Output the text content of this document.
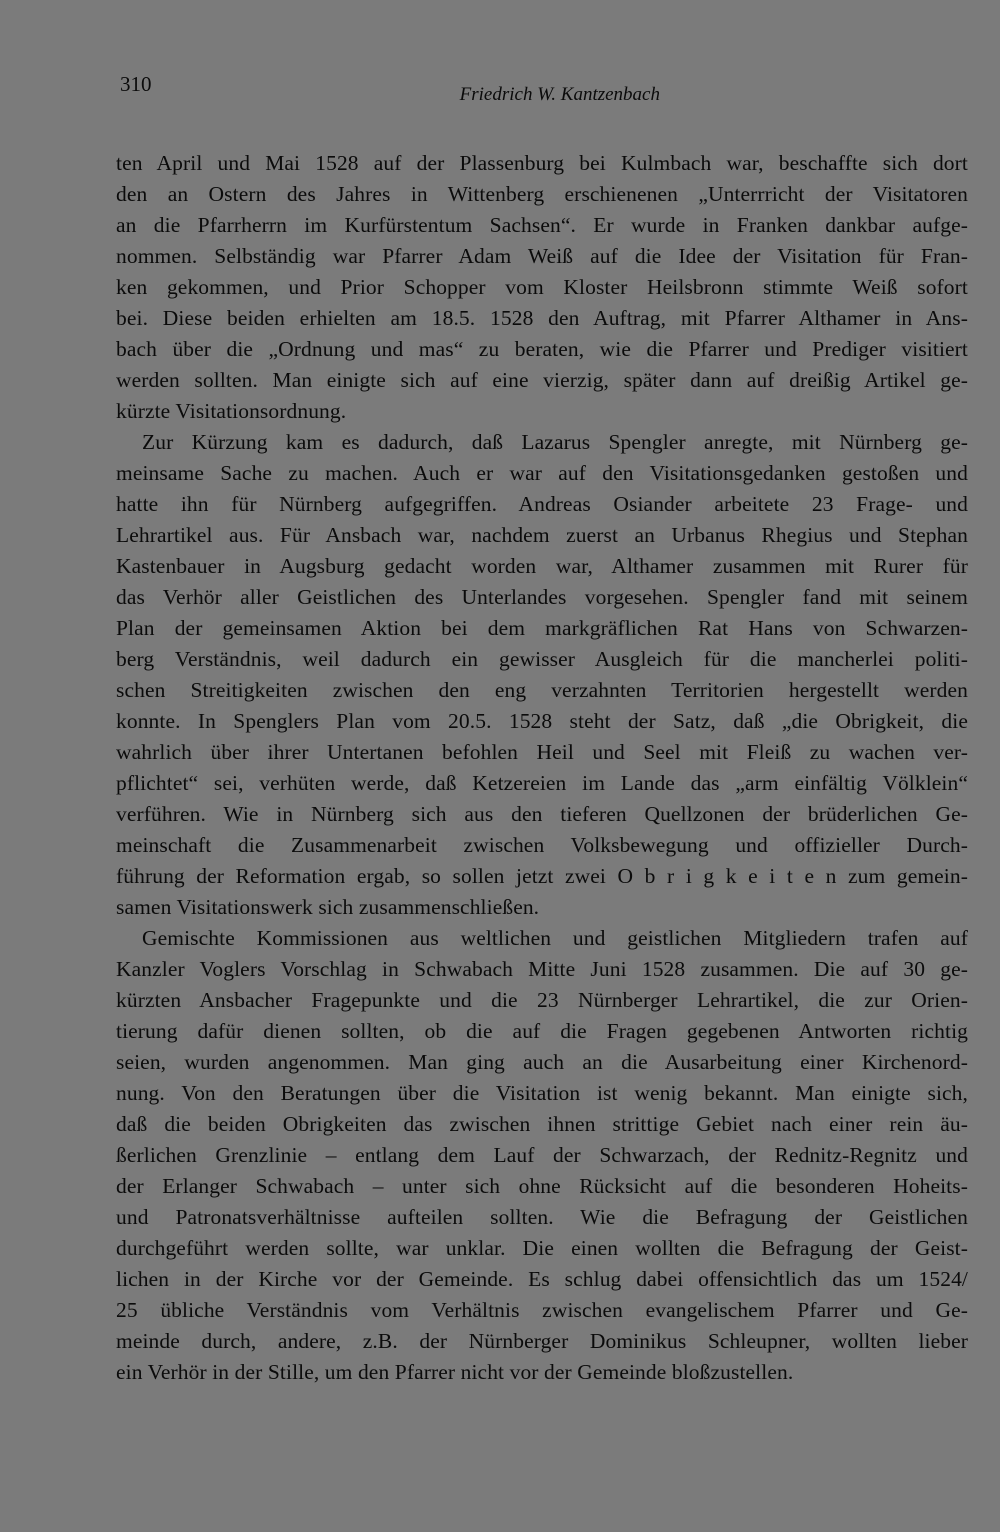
310	Friedrich W. Kantzenbach
ten April und Mai 1528 auf der Plassenburg bei Kulmbach war, beschaffte sich dort
den an Ostern des Jahres in Wittenberg erschienenen „Unterrricht der Visitatoren
an die Pfarrherrn im Kurfürstentum Sachsen“. Er wurde in Franken dankbar aufge-
nommen. Selbständig war Pfarrer Adam Weiß auf die Idee der Visitation für Fran-
ken gekommen, und Prior Schopper vom Kloster Heilsbronn stimmte Weiß sofort
bei. Diese beiden erhielten am 18.5. 1528 den Auftrag, mit Pfarrer Althamer in Ans-
bach über die „Ordnung und mas“ zu beraten, wie die Pfarrer und Prediger visitiert
werden sollten. Man einigte sich auf eine vierzig, später dann auf dreißig Artikel ge-
kürzte Visitationsordnung.
Zur Kürzung kam es dadurch, daß Lazarus Spengler anregte, mit Nürnberg ge-
meinsame Sache zu machen. Auch er war auf den Visitationsgedanken gestoßen und
hatte ihn für Nürnberg aufgegriffen. Andreas Osiander arbeitete 23 Frage- und
Lehrartikel aus. Für Ansbach war, nachdem zuerst an Urbanus Rhegius und Stephan
Kastenbauer in Augsburg gedacht worden war, Althamer zusammen mit Rurer für
das Verhör aller Geistlichen des Unterlandes vorgesehen. Spengler fand mit seinem
Plan der gemeinsamen Aktion bei dem markgräflichen Rat Hans von Schwarzen-
berg Verständnis, weil dadurch ein gewisser Ausgleich für die mancherlei politi-
schen Streitigkeiten zwischen den eng verzahnten Territorien hergestellt werden
konnte. In Spenglers Plan vom 20.5. 1528 steht der Satz, daß „die Obrigkeit, die
wahrlich über ihrer Untertanen befohlen Heil und Seel mit Fleiß zu wachen ver-
pflichtet“ sei, verhüten werde, daß Ketzereien im Lande das „arm einfältig Völklein“
verführen. Wie in Nürnberg sich aus den tieferen Quellzonen der brüderlichen Ge-
meinschaft die Zusammenarbeit zwischen Volksbewegung und offizieller Durch-
führung der Reformation ergab, so sollen jetzt zwei O b r i g k e i t e n zum gemein-
samen Visitationswerk sich zusammenschließen.
Gemischte Kommissionen aus weltlichen und geistlichen Mitgliedern trafen auf
Kanzler Voglers Vorschlag in Schwabach Mitte Juni 1528 zusammen. Die auf 30 ge-
kürzten Ansbacher Fragepunkte und die 23 Nürnberger Lehrartikel, die zur Orien-
tierung dafür dienen sollten, ob die auf die Fragen gegebenen Antworten richtig
seien, wurden angenommen. Man ging auch an die Ausarbeitung einer Kirchenord-
nung. Von den Beratungen über die Visitation ist wenig bekannt. Man einigte sich,
daß die beiden Obrigkeiten das zwischen ihnen strittige Gebiet nach einer rein äu-
ßerlichen Grenzlinie – entlang dem Lauf der Schwarzach, der Rednitz-Regnitz und
der Erlanger Schwabach – unter sich ohne Rücksicht auf die besonderen Hoheits-
und Patronatsverhältnisse aufteilen sollten. Wie die Befragung der Geistlichen
durchgeführt werden sollte, war unklar. Die einen wollten die Befragung der Geist-
lichen in der Kirche vor der Gemeinde. Es schlug dabei offensichtlich das um 1524/
25 übliche Verständnis vom Verhältnis zwischen evangelischem Pfarrer und Ge-
meinde durch, andere, z.B. der Nürnberger Dominikus Schleupner, wollten lieber
ein Verhör in der Stille, um den Pfarrer nicht vor der Gemeinde bloßzustellen.
